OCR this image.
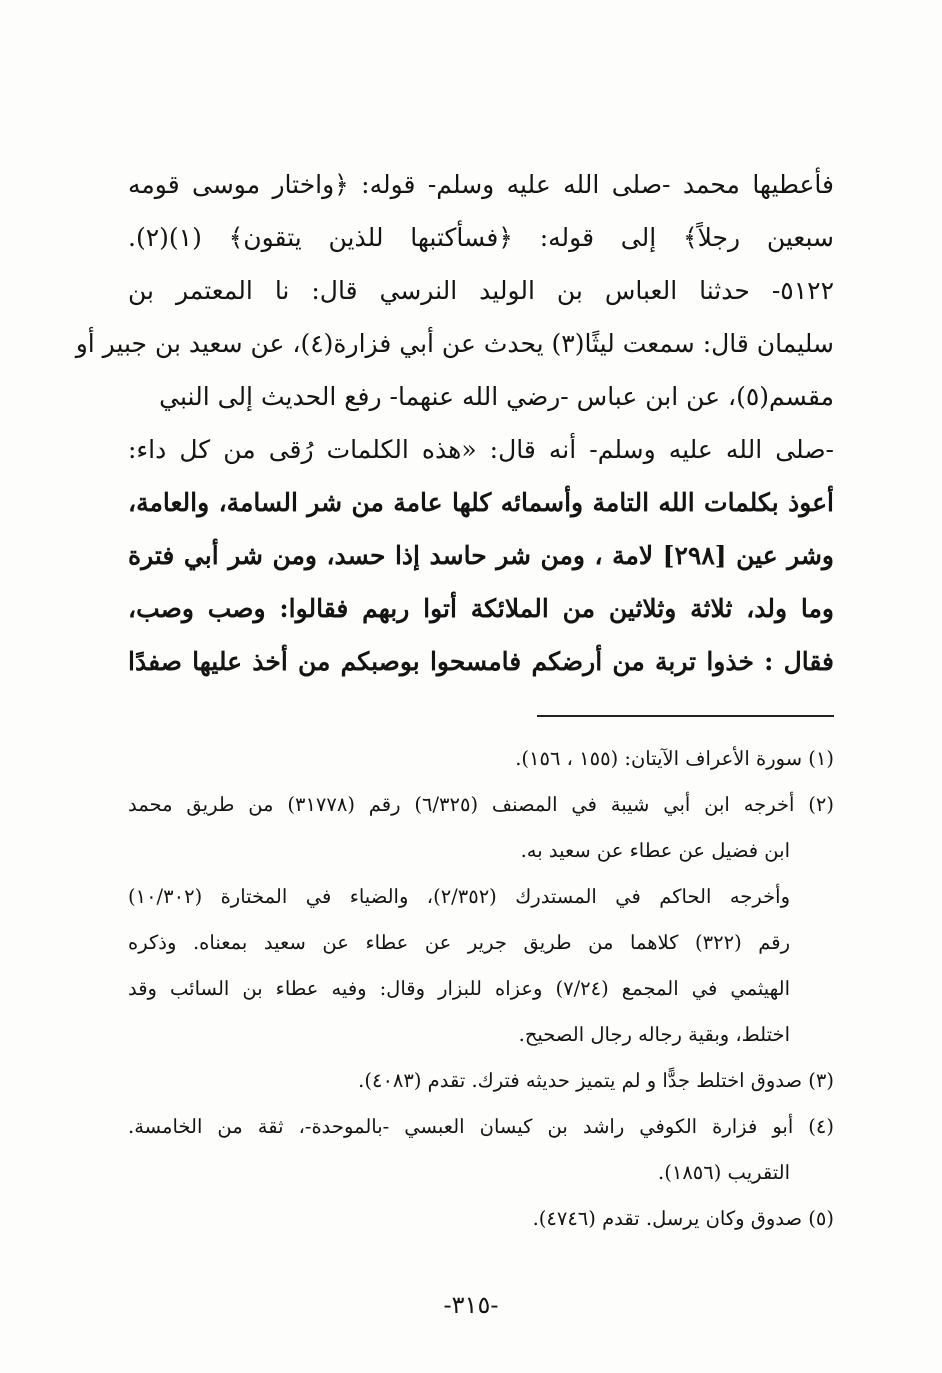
فأعطيها محمد -صلى الله عليه وسلم- قوله: ﴿واختار موسى قومه
سبعين رجلاً﴾ إلى قوله: ﴿فسأكتبها للذين يتقون﴾ (١)(٢).
٥١٢٢- حدثنا العباس بن الوليد النرسي قال: نا المعتمر بن
سليمان قال: سمعت ليثًا(٣) يحدث عن أبي فزارة(٤)، عن سعيد بن جبير أو
مقسم(٥)، عن ابن عباس -رضي الله عنهما- رفع الحديث إلى النبي
-صلى الله عليه وسلم- أنه قال: «هذه الكلمات رُقى من كل داء:
أعوذ بكلمات الله التامة وأسمائه كلها عامة من شر السامة، والعامة،
وشر عين [٢٩٨] لامة ، ومن شر حاسد إذا حسد، ومن شر أبي فترة
وما ولد، ثلاثة وثلاثين من الملائكة أتوا ربهم فقالوا: وصب وصب،
فقال : خذوا تربة من أرضكم فامسحوا بوصبكم من أخذ عليها صفدًا
(١) سورة الأعراف الآيتان: (١٥٥ ، ١٥٦).
(٢) أخرجه ابن أبي شيبة في المصنف (٦/٣٢٥) رقم (٣١٧٧٨) من طريق محمد
ابن فضيل عن عطاء عن سعيد به.
وأخرجه الحاكم في المستدرك (٢/٣٥٢)، والضياء في المختارة (١٠/٣٠٢)
رقم (٣٢٢) كلاهما من طريق جرير عن عطاء عن سعيد بمعناه. وذكره
الهيثمي في المجمع (٧/٢٤) وعزاه للبزار وقال: وفيه عطاء بن السائب وقد
اختلط، وبقية رجاله رجال الصحيح.
(٣) صدوق اختلط جدًّا و لم يتميز حديثه فترك. تقدم (٤٠٨٣).
(٤) أبو فزارة الكوفي راشد بن كيسان العبسي -بالموحدة-، ثقة من الخامسة.
التقريب (١٨٥٦).
(٥) صدوق وكان يرسل. تقدم (٤٧٤٦).
-٣١٥-
